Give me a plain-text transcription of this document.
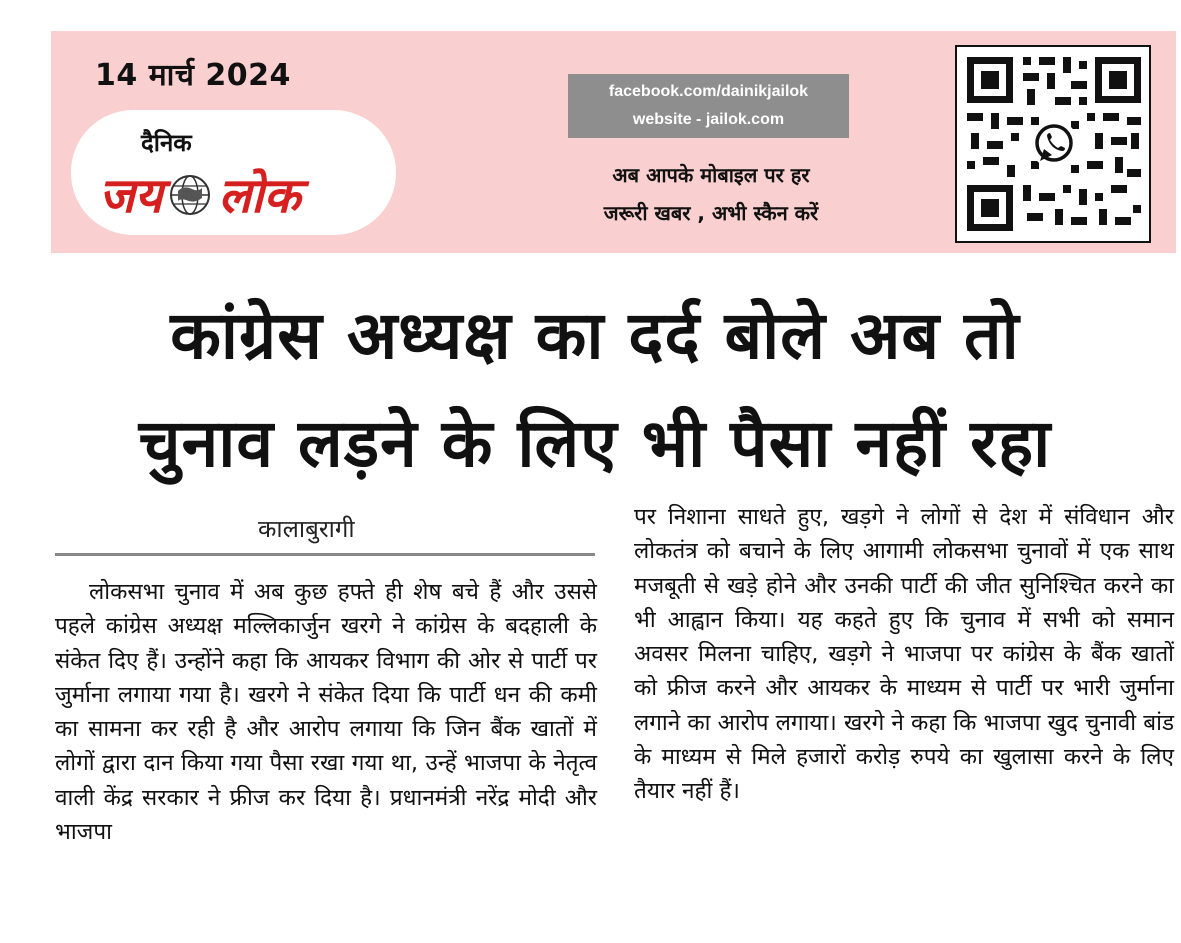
14 मार्च 2024
दैनिक
जय लोक
facebook.com/dainikjailok
website - jailok.com
अब आपके मोबाइल पर हर
जरूरी खबर , अभी स्कैन करें
कांग्रेस अध्यक्ष का दर्द बोले अब तो
चुनाव लड़ने के लिए भी पैसा नहीं रहा
कालाबुरागी
लोकसभा चुनाव में अब कुछ हफ्ते ही शेष बचे हैं और उससे पहले कांग्रेस अध्यक्ष मल्लिकार्जुन खरगे ने कांग्रेस के बदहाली के संकेत दिए हैं। उन्होंने कहा कि आयकर विभाग की ओर से पार्टी पर जुर्माना लगाया गया है। खरगे ने संकेत दिया कि पार्टी धन की कमी का सामना कर रही है और आरोप लगाया कि जिन बैंक खातों में लोगों द्वारा दान किया गया पैसा रखा गया था, उन्हें भाजपा के नेतृत्व वाली केंद्र सरकार ने फ्रीज कर दिया है। प्रधानमंत्री नरेंद्र मोदी और भाजपा
पर निशाना साधते हुए, खड़गे ने लोगों से देश में संविधान और लोकतंत्र को बचाने के लिए आगामी लोकसभा चुनावों में एक साथ मजबूती से खड़े होने और उनकी पार्टी की जीत सुनिश्चित करने का भी आह्वान किया। यह कहते हुए कि चुनाव में सभी को समान अवसर मिलना चाहिए, खड़गे ने भाजपा पर कांग्रेस के बैंक खातों को फ्रीज करने और आयकर के माध्यम से पार्टी पर भारी जुर्माना लगाने का आरोप लगाया। खरगे ने कहा कि भाजपा खुद चुनावी बांड के माध्यम से मिले हजारों करोड़ रुपये का खुलासा करने के लिए तैयार नहीं हैं।
